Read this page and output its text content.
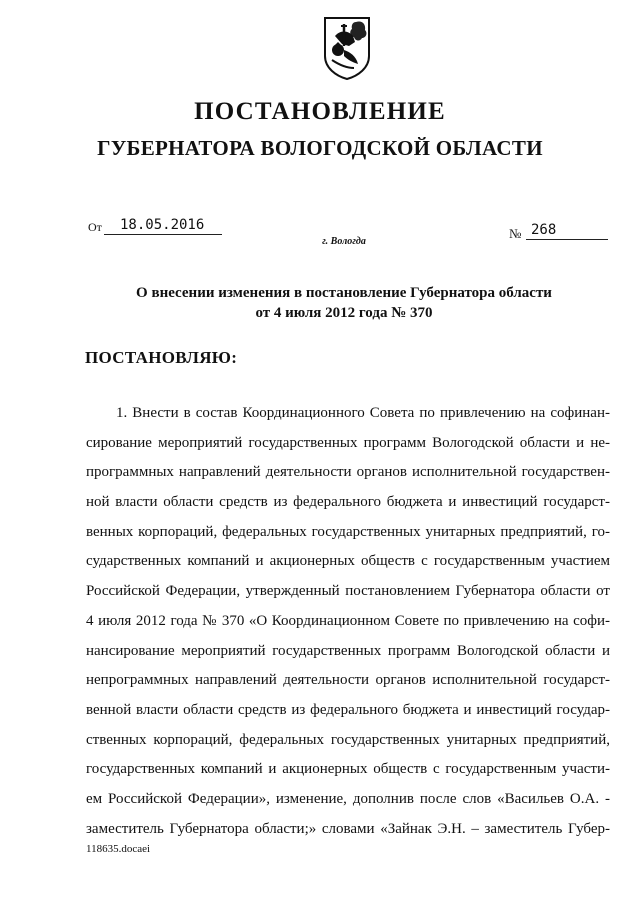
ПОСТАНОВЛЕНИЕ
ГУБЕРНАТОРА ВОЛОГОДСКОЙ ОБЛАСТИ
От	18.05.2016
г. Вологда
№ 268
О внесении изменения в постановление Губернатора области
от 4 июля 2012 года № 370
ПОСТАНОВЛЯЮ:
1. Внести в состав Координационного Совета по привлечению на софинан-
сирование мероприятий государственных программ Вологодской области и не-
программных направлений деятельности органов исполнительной государствен-
ной власти области средств из федерального бюджета и инвестиций государст-
венных корпораций, федеральных государственных унитарных предприятий, го-
сударственных компаний и акционерных обществ с государственным участием
Российской Федерации, утвержденный постановлением Губернатора области от
4 июля 2012 года № 370 «О Координационном Совете по привлечению на софи-
нансирование мероприятий государственных программ Вологодской области и
непрограммных направлений деятельности органов исполнительной государст-
венной власти области средств из федерального бюджета и инвестиций государ-
ственных корпораций, федеральных государственных унитарных предприятий,
государственных компаний и акционерных обществ с государственным участи-
ем Российской Федерации», изменение, дополнив после слов «Васильев О.А. -
заместитель Губернатора области;» словами «Зайнак Э.Н. – заместитель Губер-
118635.docaei
